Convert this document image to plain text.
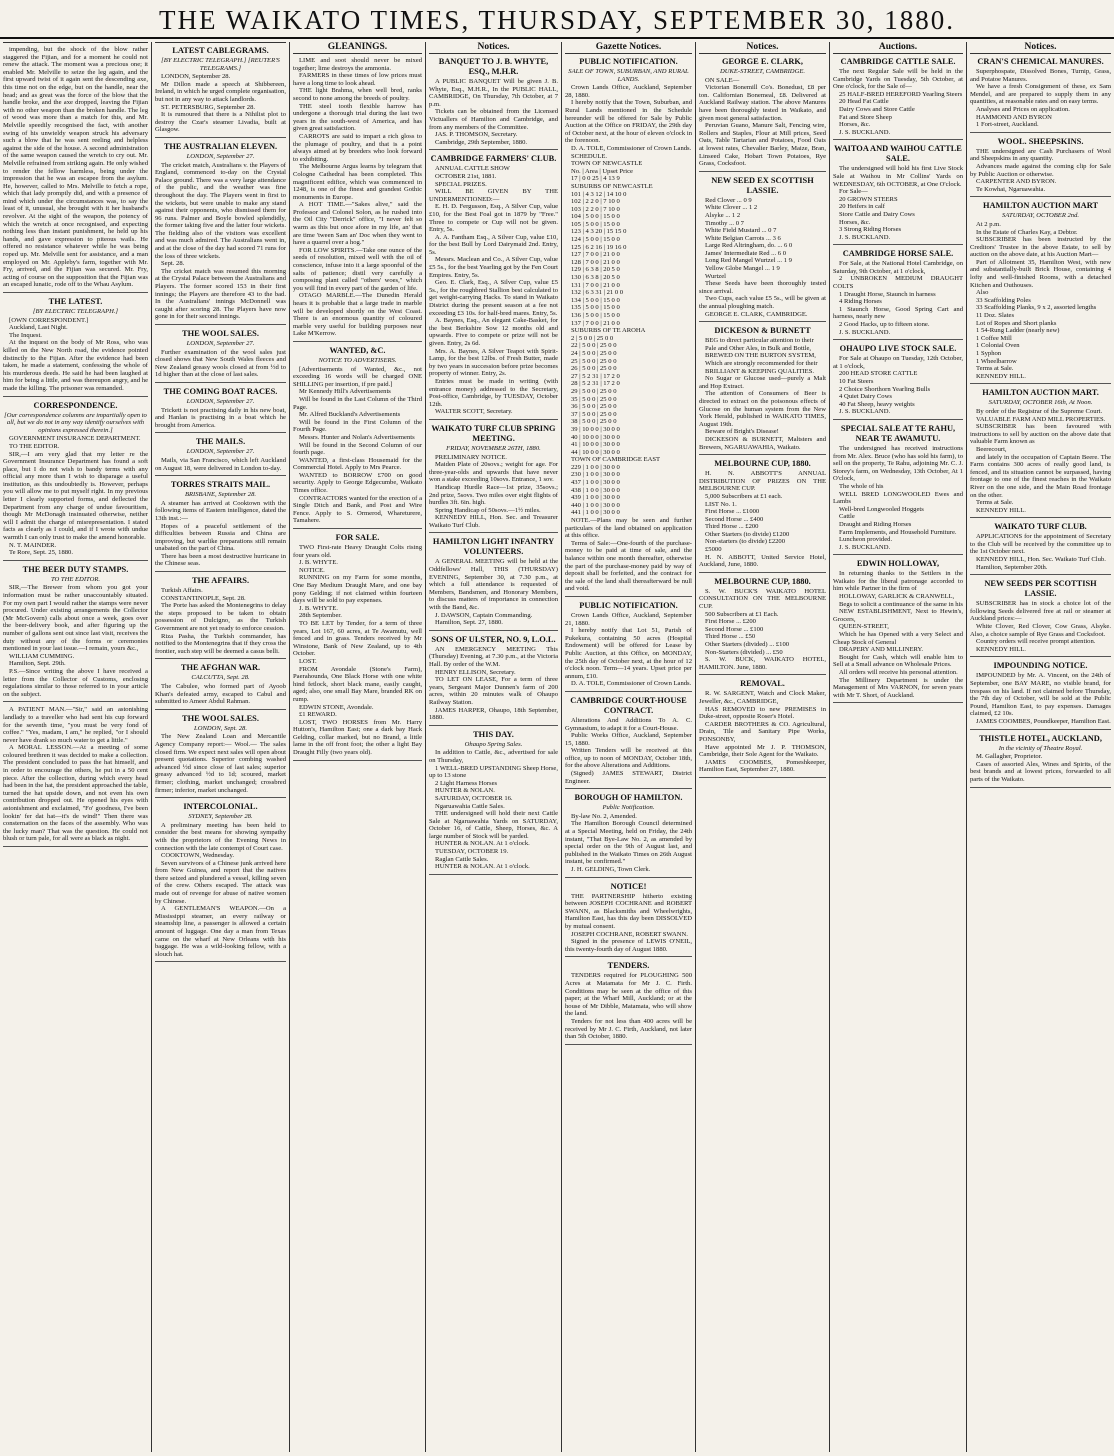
THE WAIKATO TIMES, THURSDAY, SEPTEMBER 30, 1880.

impending, but the shock of the blow rather staggered the Fijian, and for a moment he could not renew the attack. The moment was a precious one; it enabled Mr. Melville to seize the leg again, and the first upward twist of it again sent the descending axe, this time not on the edge, but on the handle, near the head; and as great was the force of the blow that the handle broke, and the axe dropped, leaving the Fijian with no other weapon than the broken handle. The leg of wood was more than a match for this, and Mr. Melville speedily recognised the fact, with another swing of his unwieldy weapon struck his adversary such a blow that he was sent reeling and helpless against the side of the house. A second administration of the same weapon caused the wretch to cry out. Mr. Melville refrained from striking again. He only wished to render the fellow harmless, being under the impression that he was an escapee from the asylum. He, however, called to Mrs. Melville to fetch a rope, which that lady promptly did, and with a presence of mind which under the circumstances was, to say the least of it, unusual, she brought with it her husband's revolver. At the sight of the weapon, the potency of which the wretch at once recognised, and expecting nothing less than instant punishment, he held up his hands, and gave expression to piteous wails. He offered no resistance whatever while he was being roped up. Mr. Melville sent for assistance, and a man employed on Mr. Appleby's farm, together with Mr. Fry, arrived, and the Fijian was secured. Mr. Fry, acting of course on the supposition that the Fijian was an escaped lunatic, rode off to the Whau Asylum.

THE LATEST.
[BY ELECTRIC TELEGRAPH.]

[OWN CORRESPONDENT.]

Auckland, Last Night.

The Inquest.

At the inquest on the body of Mr Ross, who was killed on the New North road, the evidence pointed distinctly to the Fijian. After the evidence had been taken, he made a statement, confessing the whole of his murderous deeds. He said he had been laughed at him for being a little, and was thereupon angry, and he made the killing. The prisoner was remanded.

CORRESPONDENCE.
[Our correspondence columns are impartially open to all, but we do not in any way identify ourselves with opinions expressed therein.]

GOVERNMENT INSURANCE DEPARTMENT.

TO THE EDITOR.

SIR,—I am very glad that my letter re the Government Insurance Department has found a soft place, but I do not wish to bandy terms with any official any more than I wish to disparage a useful institution, as this undoubtedly is. However, perhaps you will allow me to put myself right. In my previous letter I clearly supported forms, and deflected the Department from any charge of undue favouritism, though Mr McDonagh insinuated otherwise, neither will I admit the charge of misrepresentation. I stated facts as clearly as I could, and if I wrote with undue warmth I can only trust to make the amend honorable.

N. T. MAINDER.

Te Rore, Sept. 25, 1880.

THE BEER DUTY STAMPS.
TO THE EDITOR.

SIR,—The Brewer from whom you got your information must be rather unaccountably situated. For my own part I would rather the stamps were never procured. Under existing arrangements the Collector (Mr McGovern) calls about once a week, goes over the beer-delivery book, and after figuring up the number of gallons sent out since last visit, receives the duty without any of the forms or ceremonies mentioned in your last issue.—I remain, yours &c.,

WILLIAM CUMMING.

Hamilton, Sept. 29th.

P.S.—Since writing the above I have received a letter from the Collector of Customs, enclosing regulations similar to those referred to in your article on the subject.

A PATIENT MAN.—"Sir," said an astonishing landlady to a traveller who had sent his cup forward for the seventh time, "you must be very fond of coffee." "Yes, madam, I am," he replied, "or I should never have drank so much water to get a little."

A MORAL LESSON.—At a meeting of some coloured brethren it was decided to make a collection. The president concluded to pass the hat himself, and in order to encourage the others, he put in a 50 cent piece. After the collection, during which every head had been in the hat, the president approached the table, turned the hat upside down, and not even his own contribution dropped out. He opened his eyes with astonishment and exclaimed, "Fo' goodness, I've been lookin' fer dat hat—it's de wind!" Then there was consternation on the faces of the assembly. Who was the lucky man? That was the question. He could not blush or turn pale, for all were as black as night.

LATEST CABLEGRAMS.
[BY ELECTRIC TELEGRAPH.] [REUTER'S TELEGRAMS.]

LONDON, September 28.

Mr Dillon made a speech at Shibbereen, Ireland, in which he urged complete organisation, but not in any way to attack landlords.

ST. PETERSBURG, September 28.

It is rumoured that there is a Nihilist plot to destroy the Czar's steamer Livadia, built at Glasgow.

THE AUSTRALIAN ELEVEN.
LONDON, September 27.

The cricket match, Australians v. the Players of England, commenced to-day on the Crystal Palace ground. There was a very large attendance of the public, and the weather was fine throughout the day. The Players went in first to the wickets, but were unable to make any stand against their opponents, who dismissed them for 96 runs. Palmer and Boyle bowled splendidly, the former taking five and the latter four wickets. The fielding also of the visitors was excellent and was much admired. The Australians went in, and at the close of the day had scored 71 runs for the loss of three wickets.

Sept. 28.

The cricket match was resumed this morning at the Crystal Palace between the Australians and Players. The former scored 153 in their first innings; the Players are therefore 43 to the bad. In the Australians' innings McDonnell was caught after scoring 28. The Players have now gone in for their second innings.

THE WOOL SALES.
LONDON, September 27.

Further examination of the wool sales just closed shows that New South Wales fleeces and New Zealand greasy wools closed at from ½d to 1d higher than at the close of last sales.

THE COMING BOAT RACES.
LONDON, September 27.

Trickett is not practising daily in his new boat, and Hanlan is practising in a boat which he brought from America.

THE MAILS.
LONDON, September 27.

Mails, via San Francisco, which left Auckland on August 18, were delivered in London to-day.

TORRES STRAITS MAIL.
BRISBANE, September 28.

A steamer has arrived at Cooktown with the following items of Eastern intelligence, dated the 13th inst.:—

Hopes of a peaceful settlement of the difficulties between Russia and China are improving, but warlike preparations still remain unabated on the part of China.

There has been a most destructive hurricane in the Chinese seas.

THE AFFAIRS.

Turkish Affairs.

CONSTANTINOPLE, Sept. 28.

The Porte has asked the Montenegrins to delay the steps proposed to be taken to obtain possession of Dulcigno, as the Turkish Government are not yet ready to enforce cession.

Riza Pasha, the Turkish commander, has notified to the Montenegrins that if they cross the frontier, such step will be deemed a casus belli.

THE AFGHAN WAR.
CALCUTTA, Sept. 28.

The Cabulee, who formed part of Ayoob Khan's defeated army, escaped to Cabul and submitted to Ameer Abdul Rahman.

THE WOOL SALES.
LONDON, Sept. 28.

The New Zealand Loan and Mercantile Agency Company report:— Wool.— The sales closed firm. We expect next sales will open about present quotations. Superior combing washed advanced ½d since close of last sales; superior greasy advanced ½d to 1d; scoured, market firmer; clothing, market unchanged; crossbred firmer; inferior, market unchanged.

INTERCOLONIAL.
SYDNEY, September 28.

A preliminary meeting has been held to consider the best means for showing sympathy with the proprietors of the Evening News in connection with the late contempt of Court case.

COOKTOWN, Wednesday.

Seven survivors of a Chinese junk arrived here from New Guinea, and report that the natives there seized and plundered a vessel, killing seven of the crew. Others escaped. The attack was made out of revenge for abuse of native women by Chinese.

A GENTLEMAN'S WEAPON.—On a Mississippi steamer, an every railway or steamship line, a passenger is allowed a certain amount of luggage. One day a man from Texas came on the wharf at New Orleans with his baggage. He was a wild-looking fellow, with a slouch hat.

GLEANINGS.

LIME and soot should never be mixed together; lime destroys the ammonia.

FARMERS in these times of low prices must have a long time to look ahead.

THE light Brahma, when well bred, ranks second to none among the breeds of poultry.

THE steel tooth flexible harrow has undergone a thorough trial during the last two years in the south-west of America, and has given great satisfaction.

CARROTS are said to impart a rich gloss to the plumage of poultry, and that is a point always aimed at by breeders who look forward to exhibiting.

The Melbourne Argus learns by telegram that Cologne Cathedral has been completed. This magnificent edifice, which was commenced in 1248, is one of the finest and grandest Gothic monuments in Europe.

A HOT TIME.—"Sakes alive," said the Professor and Colonel Solon, as he rushed into the Oil City "Derrick" office, "I never felt so warm as this but once afore in my life, an' that are time 'tween Sam an' Doc when they went to have a quarrel over a hog."

FOR LOW SPIRITS.—Take one ounce of the seeds of resolution, mixed well with the oil of conscience, infuse into it a large spoonful of the salts of patience; distil very carefully a composing plant called "others' woes," which you will find in every part of the garden of life.

OTAGO MARBLE.—The Dunedin Herald hears it is probable that a large trade in marble will be developed shortly on the West Coast. There is an enormous quantity of coloured marble very useful for building purposes near Lake M'Kerrow.

WANTED, &C.
NOTICE TO ADVERTISERS.

[Advertisements of Wanted, &c., not exceeding 16 words will be charged ONE SHILLING per insertion, if pre paid.]

Mr Kennedy Hill's Advertisements

Will be found in the Last Column of the Third Page.

Mr. Alfred Buckland's Advertisements

Will be found in the First Column of the Fourth Page.

Messrs. Hunter and Nolan's Advertisements

Will be found in the Second Column of our fourth page.

WANTED, a first-class Housemaid for the Commercial Hotel. Apply to Mrs Pearce.

WANTED to BORROW £700 on good security. Apply to George Edgecumbe, Waikato Times office.

CONTRACTORS wanted for the erection of a Single Ditch and Bank, and Post and Wire Fence. Apply to S. Ormerod, Whareturere, Tamahere.

FOR SALE.

TWO First-rate Heavy Draught Colts rising four years old.

J. B. WHYTE.

NOTICE.

RUNNING on my Farm for some months, One Bay Medium Draught Mare, and one bay pony Gelding; if not claimed within fourteen days will be sold to pay expenses.

J. B. WHYTE.

28th September.

TO BE LET by Tender, for a term of three years, Lot 167, 60 acres, at Te Awamutu, well fenced and in grass. Tenders received by Mr Winstone, Bank of New Zealand, up to 4th October.

LOST.

FROM Avondale (Stone's Farm), Paerahounda, One Black Horse with one white hind fetlock, short black mane, easily caught, aged; also, one small Bay Mare, branded RK on rump.

EDWIN STONE, Avondale.

£1 REWARD.

LOST, TWO HORSES from Mr. Harry Hutton's, Hamilton East; one a dark bay Hack Gelding, collar marked, but no Brand, a little lame in the off front foot; the other a light Bay Draught Filly (two years old).

Notices.
BANQUET TO J. B. WHYTE, ESQ., M.H.R.

A PUBLIC BANQUET Will be given J. B. Whyte, Esq., M.H.R., In the PUBLIC HALL, CAMBRIDGE, On Thursday, 7th October, at 7 p.m.

Tickets can be obtained from the Licensed Victuallers of Hamilton and Cambridge, and from any members of the Committee.

JAS. P. THOMSON, Secretary.

Cambridge, 29th September, 1880.

CAMBRIDGE FARMERS' CLUB.

ANNUAL CATTLE SHOW

OCTOBER 21st, 1881.

SPECIAL PRIZES.

WILL BE GIVEN BY THE UNDERMENTIONED:—

E. H. D. Fergusson, Esq., A Silver Cup, value £10, for the Best Foal got in 1879 by "Free." Three to compete or Cup will not be given. Entry, 5s.

A. A. Fantham Esq., A Silver Cup, value £10, for the best Bull by Lord Dairymaid 2nd. Entry, 5s.

Messrs. Maclean and Co., A Silver Cup, value £5 5s., for the best Yearling got by the Fen Court Empires. Entry, 5s.

Geo. E. Clark, Esq., A Silver Cup, value £5 5s., for the roughbred Stallion best calculated to get weight-carrying Hacks. To stand in Waikato District during the present season at a fee not exceeding £3 10s. for half-bred mares. Entry, 5s.

A. Baynes, Esq., An elegant Cake-Basket, for the best Berkshire Sow 12 months old and upwards. Five to compete or prize will not be given. Entry, 2s 6d.

Mrs. A. Baynes, A Silver Teapot with Spirit-Lamp, for the best 12lbs. of Fresh Butter, made by two years in succession before prize becomes property of winner. Entry, 2s.

Entries must be made in writing (with entrance money) addressed to the Secretary, Post-office, Cambridge, by TUESDAY, October 12th.

WALTER SCOTT, Secretary.

WAIKATO TURF CLUB SPRING MEETING.
FRIDAY, NOVEMBER 26TH, 1880.

PRELIMINARY NOTICE.

Maiden Plate of 20sovs.; weight for age. For three-year-olds and upwards that have never won a stake exceeding 10sovs. Entrance, 1 sov.

Handicap Hurdle Race—1st prize, 35sovs.; 2nd prize, 5sovs. Two miles over eight flights of hurdles 3ft. 6in. high.

Spring Handicap of 50sovs.—1½ miles.

KENNEDY HILL, Hon. Sec. and Treasurer Waikato Turf Club.

HAMILTON LIGHT INFANTRY VOLUNTEERS.

A GENERAL MEETING will be held at the Oddfellows' Hall, THIS (THURSDAY) EVENING, September 30, at 7.30 p.m., at which a full attendance is requested of Members, Bandsmen, and Honorary Members, to discuss matters of importance in connection with the Band, &c.

J. DAWSON, Captain Commanding.

Hamilton, Sept. 27, 1880.

SONS OF ULSTER, NO. 9, L.O.L.

AN EMERGENCY MEETING This (Thursday) Evening, at 7.30 p.m., at the Victoria Hall. By order of the W.M.

HENRY ELLISON, Secretary.

TO LET ON LEASE, For a term of three years, Sergeant Major Dunnen's farm of 200 acres, within 20 minutes walk of Ohaupo Railway Station.

JAMES HARPER, Ohaupo, 18th September, 1880.

THIS DAY.
Ohaupo Spring Sales.

In addition to Cattle, &c., advertised for sale on Thursday,

1 WELL-BRED UPSTANDING Sheep Horse, up to 13 stone

2 Light Harness Horses

HUNTER & NOLAN.

SATURDAY, OCTOBER 16.

Ngaruawahia Cattle Sales.

THE undersigned will hold their next Cattle Sale at Ngaruawahia Yards on SATURDAY, October 16, of Cattle, Sheep, Horses, &c. A large number of Stock will be yarded.

HUNTER & NOLAN. At 1 o'clock.

TUESDAY, OCTOBER 19.

Raglan Cattle Sales.

HUNTER & NOLAN. At 1 o'clock.

Gazette Notices.
PUBLIC NOTIFICATION.
SALE OF TOWN, SUBURBAN, AND RURAL LANDS.

Crown Lands Office, Auckland, September 28, 1880.

I hereby notify that the Town, Suburban, and Rural Lands mentioned in the Schedule hereunder will be offered for Sale by Public Auction at the Office on FRIDAY, the 29th day of October next, at the hour of eleven o'clock in the forenoon.

D. A. TOLE, Commissioner of Crown Lands.

SCHEDULE.

TOWN OF NEWCASTLE

No. | Area | Upset Price

17 | 0 0 25 | 4 13 9

SUBURBS OF NEWCASTLE

101 | 4 3 12 | 14 10 0

102 | 2 2 0 | 7 10 0

103 | 2 2 0 | 7 10 0

104 | 5 0 0 | 15 0 0

105 | 5 0 0 | 15 0 0

123 | 4 3 20 | 15 15 0

124 | 5 0 0 | 15 0 0

125 | 6 2 16 | 19 16 0

127 | 7 0 0 | 21 0 0

128 | 7 0 0 | 21 0 0

129 | 6 3 8 | 20 5 0

130 | 6 3 8 | 20 5 0

131 | 7 0 0 | 21 0 0

132 | 6 3 31 | 21 0 0

134 | 5 0 0 | 15 0 0

135 | 5 0 0 | 15 0 0

136 | 5 0 0 | 15 0 0

137 | 7 0 0 | 21 0 0

SUBURBS OF TE AROHA

2 | 5 0 0 | 25 0 0

22 | 5 0 0 | 25 0 0

24 | 5 0 0 | 25 0 0

25 | 5 0 0 | 25 0 0

26 | 5 0 0 | 25 0 0

27 | 5 2 31 | 17 2 0

28 | 5 2 31 | 17 2 0

29 | 5 0 0 | 25 0 0

35 | 5 0 0 | 25 0 0

36 | 5 0 0 | 25 0 0

37 | 5 0 0 | 25 0 0

38 | 5 0 0 | 25 0 0

39 | 10 0 0 | 30 0 0

40 | 10 0 0 | 30 0 0

41 | 10 0 0 | 30 0 0

44 | 10 0 0 | 30 0 0

TOWN OF CAMBRIDGE EAST

229 | 1 0 0 | 30 0 0

230 | 1 0 0 | 30 0 0

437 | 1 0 0 | 30 0 0

438 | 1 0 0 | 30 0 0

439 | 1 0 0 | 30 0 0

440 | 1 0 0 | 30 0 0

441 | 1 0 0 | 30 0 0

NOTE.—Plans may be seen and further particulars of the land obtained on application at this office.

Terms of Sale:—One-fourth of the purchase-money to be paid at time of sale, and the balance within one month thereafter, otherwise the part of the purchase-money paid by way of deposit shall be forfeited, and the contract for the sale of the land shall thereafterward be null and void.

PUBLIC NOTIFICATION.

Crown Lands Office, Auckland, September 21, 1880.

I hereby notify that Lot 51, Parish of Pukekura, containing 50 acres (Hospital Endowment) will be offered for Lease by Public Auction, at this Office, on MONDAY, the 25th day of October next, at the hour of 12 o'clock noon. Term—14 years. Upset price per annum, £10.

D. A. TOLE, Commissioner of Crown Lands.

CAMBRIDGE COURT-HOUSE CONTRACT.

Alterations And Additions To A. C. Gymnasium, to adapt it for a Court-House.

Public Works Office, Auckland, September 15, 1880.

Written Tenders will be received at this office, up to noon of MONDAY, October 18th, for the above Alterations and Additions.

(Signed) JAMES STEWART, District Engineer.

BOROUGH OF HAMILTON.
Public Notification.

By-law No. 2, Amended.

The Hamilton Borough Council determined at a Special Meeting, held on Friday, the 24th instant, "That Bye-Law No. 2, as amended by special order on the 9th of August last, and published in the Waikato Times on 26th August instant, be confirmed."

J. H. GELDING, Town Clerk.

NOTICE!

THE PARTNERSHIP hitherto existing between JOSEPH COCHRANE and ROBERT SWANN, as Blacksmiths and Wheelwrights, Hamilton East, has this day been DISSOLVED by mutual consent.

JOSEPH COCHRANE, ROBERT SWANN.

Signed in the presence of LEWIS O'NEIL, this twenty-fourth day of August 1880.

TENDERS.

TENDERS required for PLOUGHING 500 Acres at Matamata for Mr J. C. Firth. Conditions may be seen at the office of this paper; at the Wharf Mill, Auckland; or at the house of Mr Dibble, Matamata, who will show the land.

Tenders for not less than 400 acres will be received by Mr J. C. Firth, Auckland, not later than 5th October, 1880.

Notices.
GEORGE E. CLARK,
DUKE-STREET, CAMBRIDGE.

ON SALE—

Victorian Bonemill Co's. Bonedust, £8 per ton. Californian Bonemeal, £8. Delivered at Auckland Railway station. The above Manures have been thoroughly tested in Waikato, and given most general satisfaction.

Peruvian Guano, Manure Salt, Fencing wire, Rollers and Staples, Flour at Mill prices, Seed Oats, Table Tartarian and Potatoes, Food Oats at lowest rates, Chevalier Barley, Maize, Bran, Linseed Cake, Hobart Town Potatoes, Rye Grass, Cocksfoot.

NEW SEED EX SCOTTISH LASSIE.

Red Clover ... 0 9

White Clover ... 1 2

Alsyke ... 1 2

Timothy ... 0 7

White Field Mustard ... 0 7

White Belgian Carrots ... 3 6

Large Red Altringham, do. ... 6 0

James' Intermediate Red ... 6 0

Long Red Mangel Wurtzel ... 1 9

Yellow Globe Mangel ... 1 9

Wurtzel

These Seeds have been thoroughly tested since arrival.

Two Cups, each value £5 5s., will be given at the annual ploughing match.

GEORGE E. CLARK, CAMBRIDGE.

DICKESON & BURNETT

BEG to direct particular attention to their

Pale and Other Ales, in Bulk and Bottle,

BREWED ON THE BURTON SYSTEM,

Which are strongly recommended for their

BRILLIANT & KEEPING QUALITIES.

No Sugar or Glucose used—purely a Malt and Hop Extract.

The attention of Consumers of Beer is directed to extract on the poisonous effects of Glucose on the human system from the New York Herald, published in WAIKATO TIMES, August 19th.

Beware of Bright's Disease!

DICKESON & BURNETT, Maltsters and Brewers, NGARUAWAHIA, Waikato.

MELBOURNE CUP, 1880.

H. N. ABBOTT'S ANNUAL DISTRIBUTION OF PRIZES ON THE MELBOURNE CUP.

5,000 Subscribers at £1 each.

LIST No. 1.

First Horse ... £1000

Second Horse ... £400

Third Horse ... £200

Other Starters (to divide) £1200

Non-starters (to divide) £2200

£5000

H. N. ABBOTT, United Service Hotel, Auckland, June, 1880.

MELBOURNE CUP, 1880.

S. W. BUCK'S WAIKATO HOTEL CONSULTATION ON THE MELBOURNE CUP.

500 Subscribers at £1 Each.

First Horse ... £200

Second Horse ... £100

Third Horse ... £50

Other Starters (divided) ... £100

Non-Starters (divided) ... £50

S. W. BUCK, WAIKATO HOTEL, HAMILTON. June, 1880.

REMOVAL.

R. W. SARGENT, Watch and Clock Maker, Jeweller, &c., CAMBRIDGE,

HAS REMOVED to new PREMISES in Duke-street, opposite Roser's Hotel.

CARDER BROTHERS & CO. Agricultural, Drain, Tile and Sanitary Pipe Works, PONSONBY,

Have appointed Mr J. P. THOMSON, Cambridge, their Sole Agent for the Waikato.

JAMES COOMBES, Pomeshkeeper, Hamilton East, September 27, 1880.

Auctions.
CAMBRIDGE CATTLE SALE.

The next Regular Sale will be held in the Cambridge Yards on Tuesday, 5th October, at One o'clock, for the Sale of—

25 HALF-BRED HEREFORD Yearling Steers

20 Head Fat Cattle

Dairy Cows and Store Cattle

Fat and Store Sheep

Horses, &c.

J. S. BUCKLAND.

WAITOA AND WAIHOU CATTLE SALE.

The undersigned will hold his first Live Stock Sale at Waihou in Mr Collins' Yards on WEDNESDAY, 6th OCTOBER, at One O'clock.

For Sale—

20 GROWN STEERS

20 Heifers in calf

Store Cattle and Dairy Cows

Horses, &c.

3 Strong Riding Horses

J. S. BUCKLAND.

CAMBRIDGE HORSE SALE.

For Sale, at the National Hotel Cambridge, on Saturday, 9th October, at 1 o'clock,

2 UNBROKEN MEDIUM DRAUGHT COLTS

1 Draught Horse, Staunch in harness

4 Riding Horses

1 Staunch Horse, Good Spring Cart and harness, nearly new

2 Good Hacks, up to fifteen stone.

J. S. BUCKLAND.

OHAUPO LIVE STOCK SALE.

For Sale at Ohaupo on Tuesday, 12th October, at 1 o'clock,

200 HEAD STORE CATTLE

10 Fat Steers

2 Choice Shorthorn Yearling Bulls

4 Quiet Dairy Cows

40 Fat Sheep, heavy weights

J. S. BUCKLAND.

SPECIAL SALE AT TE RAHU, NEAR TE AWAMUTU.

The undersigned has received instructions from Mr. Alex. Bruce (who has sold his farm), to sell on the property, Te Rahu, adjoining Mr. C. J. Storey's farm, on Wednesday, 13th October, At 1 O'clock,

The whole of his

WELL BRED LONGWOOLED Ewes and Lambs

Well-bred Longwooled Hoggets

Cattle

Draught and Riding Horses

Farm Implements, and Household Furniture.

Luncheon provided.

J. S. BUCKLAND.

EDWIN HOLLOWAY,

In returning thanks to the Settlers in the Waikato for the liberal patronage accorded to him while Partner in the firm of

HOLLOWAY, GARLICK & CRANWELL,

Begs to solicit a continuance of the same in his

NEW ESTABLISHMENT, Next to Hewin's, Grocers,

QUEEN-STREET,

Which he has Opened with a very Select and Cheap Stock of General

DRAPERY AND MILLINERY.

Bought for Cash, which will enable him to Sell at a Small advance on Wholesale Prices.

All orders will receive his personal attention.

The Millinery Department is under the Management of Mrs VARNON, for seven years with Mr T. Short, of Auckland.

Notices.
CRAN'S CHEMICAL MANURES.

Superphospate, Dissolved Bones, Turnip, Grass, and Potatoe Manures.

We have a fresh Consignment of these, ex Sam Mendel, and are prepared to supply them in any quantities, at reasonable rates and on easy terms.

Analyses and Prices on application.

HAMMOND AND BYRON

1 Fort-street, Auckland.

WOOL. SHEEPSKINS.

THE undersigned are Cash Purchasers of Wool and Sheepskins in any quantity.

Advances made against the coming clip for Sale by Public Auction or otherwise.

CARPENTER AND BYRON.

Te Kowhai, Ngaruawahia.

HAMILTON AUCTION MART
SATURDAY, OCTOBER 2nd.

At 2 p.m.

In the Estate of Charles Kay, a Debtor.

SUBSCRIBER has been instructed by the Creditors' Trustee in the above Estate, to sell by auction on the above date, at his Auction Mart—

Part of Allotment 35, Hamilton West, with new and substantially-built Brick House, containing 4 lofty and well-finished Rooms, with a detached Kitchen and Outhouses.

Also

33 Scaffolding Poles

33 Scaffolding Planks, 9 x 2, assorted lengths

11 Doz. Slates

Lot of Ropes and Short planks

1 54-Rung Ladder (nearly new)

1 Coffee Mill

1 Colonial Oven

1 Syphon

1 Wheelbarrow

Terms at Sale.

KENNEDY HILL.

HAMILTON AUCTION MART.
SATURDAY, OCTOBER 16th, At Noon.

By order of the Registrar of the Supreme Court.

VALUABLE FARM AND MILL PROPERTIES.

SUBSCRIBER has been favoured with instructions to sell by auction on the above date that valuable Farm known as

Beerecourt,

and lately in the occupation of Captain Beere. The Farm contains 300 acres of really good land, is fenced, and its situation cannot be surpassed, having frontage to one of the finest reaches in the Waikato River on the one side, and the Main Road frontage on the other.

Terms at Sale.

KENNEDY HILL.

WAIKATO TURF CLUB.

APPLICATIONS for the appointment of Secretary to the Club will be received by the committee up to the 1st October next.

KENNEDY HILL, Hon. Sec. Waikato Turf Club.

Hamilton, September 20th.

NEW SEEDS PER SCOTTISH LASSIE.

SUBSCRIBER has in stock a choice lot of the following Seeds delivered free at rail or steamer at Auckland prices:—

White Clover, Red Clover, Cow Grass, Alsyke. Also, a choice sample of Rye Grass and Cocksfoot.

Country orders will receive prompt attention.

KENNEDY HILL.

IMPOUNDING NOTICE.

IMPOUNDED by Mr. A. Vincent, on the 24th of September, one BAY MARE, no visible brand, for trespass on his land. If not claimed before Thursday, the 7th day of October, will be sold at the Public Pound, Hamilton East, to pay expenses. Damages claimed, £2 10s.

JAMES COOMBES, Poundkeeper, Hamilton East.

THISTLE HOTEL, AUCKLAND,
In the vicinity of Theatre Royal.

M. Gallagher, Proprietor.

Cases of assorted Ales, Wines and Spirits, of the best brands and at lowest prices, forwarded to all parts of the Waikato.
